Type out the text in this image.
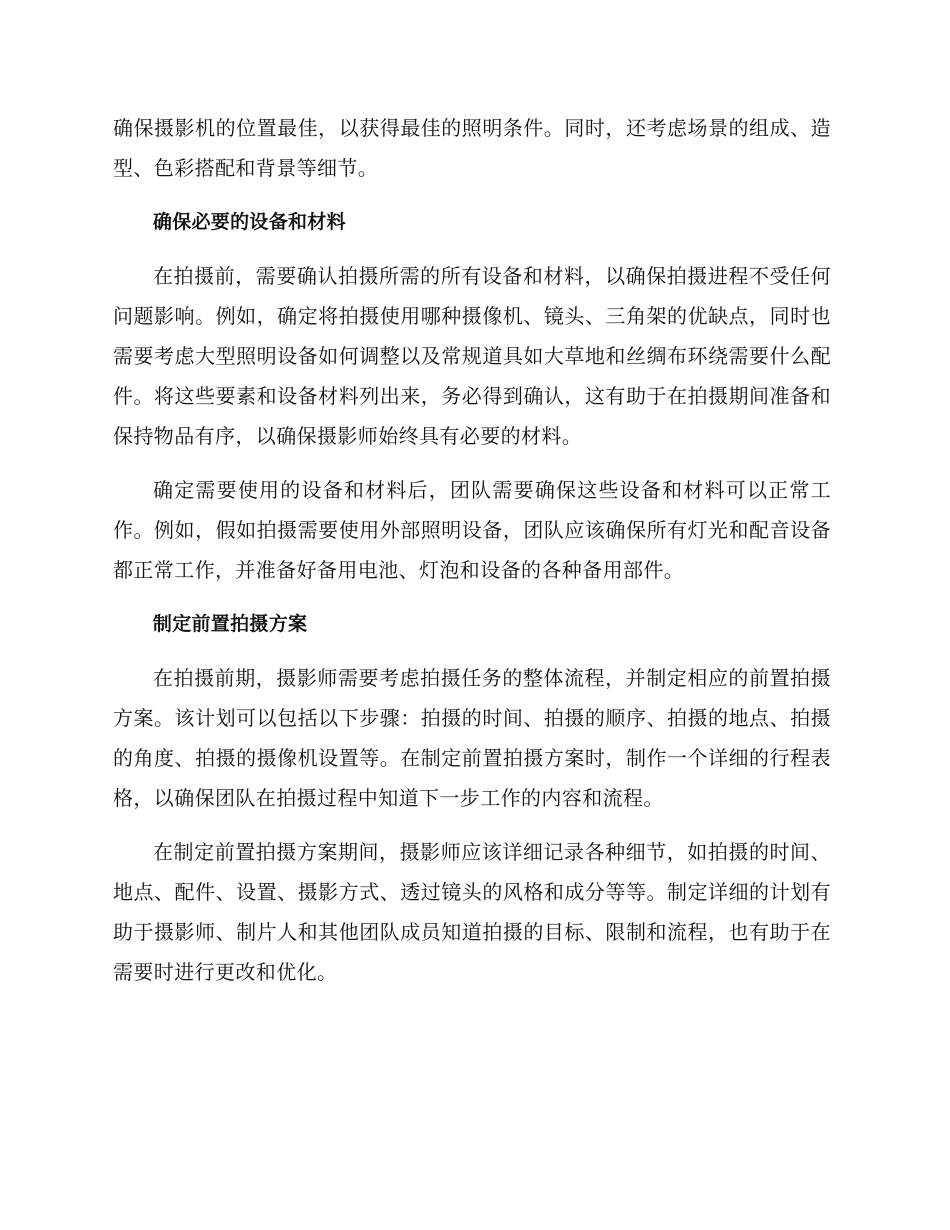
确保摄影机的位置最佳，以获得最佳的照明条件。同时，还考虑场景的组成、造型、色彩搭配和背景等细节。

确保必要的设备和材料

在拍摄前，需要确认拍摄所需的所有设备和材料，以确保拍摄进程不受任何问题影响。例如，确定将拍摄使用哪种摄像机、镜头、三角架的优缺点，同时也需要考虑大型照明设备如何调整以及常规道具如大草地和丝绸布环绕需要什么配件。将这些要素和设备材料列出来，务必得到确认，这有助于在拍摄期间准备和保持物品有序，以确保摄影师始终具有必要的材料。

确定需要使用的设备和材料后，团队需要确保这些设备和材料可以正常工作。例如，假如拍摄需要使用外部照明设备，团队应该确保所有灯光和配音设备都正常工作，并准备好备用电池、灯泡和设备的各种备用部件。

制定前置拍摄方案

在拍摄前期，摄影师需要考虑拍摄任务的整体流程，并制定相应的前置拍摄方案。该计划可以包括以下步骤：拍摄的时间、拍摄的顺序、拍摄的地点、拍摄的角度、拍摄的摄像机设置等。在制定前置拍摄方案时，制作一个详细的行程表格，以确保团队在拍摄过程中知道下一步工作的内容和流程。

在制定前置拍摄方案期间，摄影师应该详细记录各种细节，如拍摄的时间、地点、配件、设置、摄影方式、透过镜头的风格和成分等等。制定详细的计划有助于摄影师、制片人和其他团队成员知道拍摄的目标、限制和流程，也有助于在需要时进行更改和优化。
